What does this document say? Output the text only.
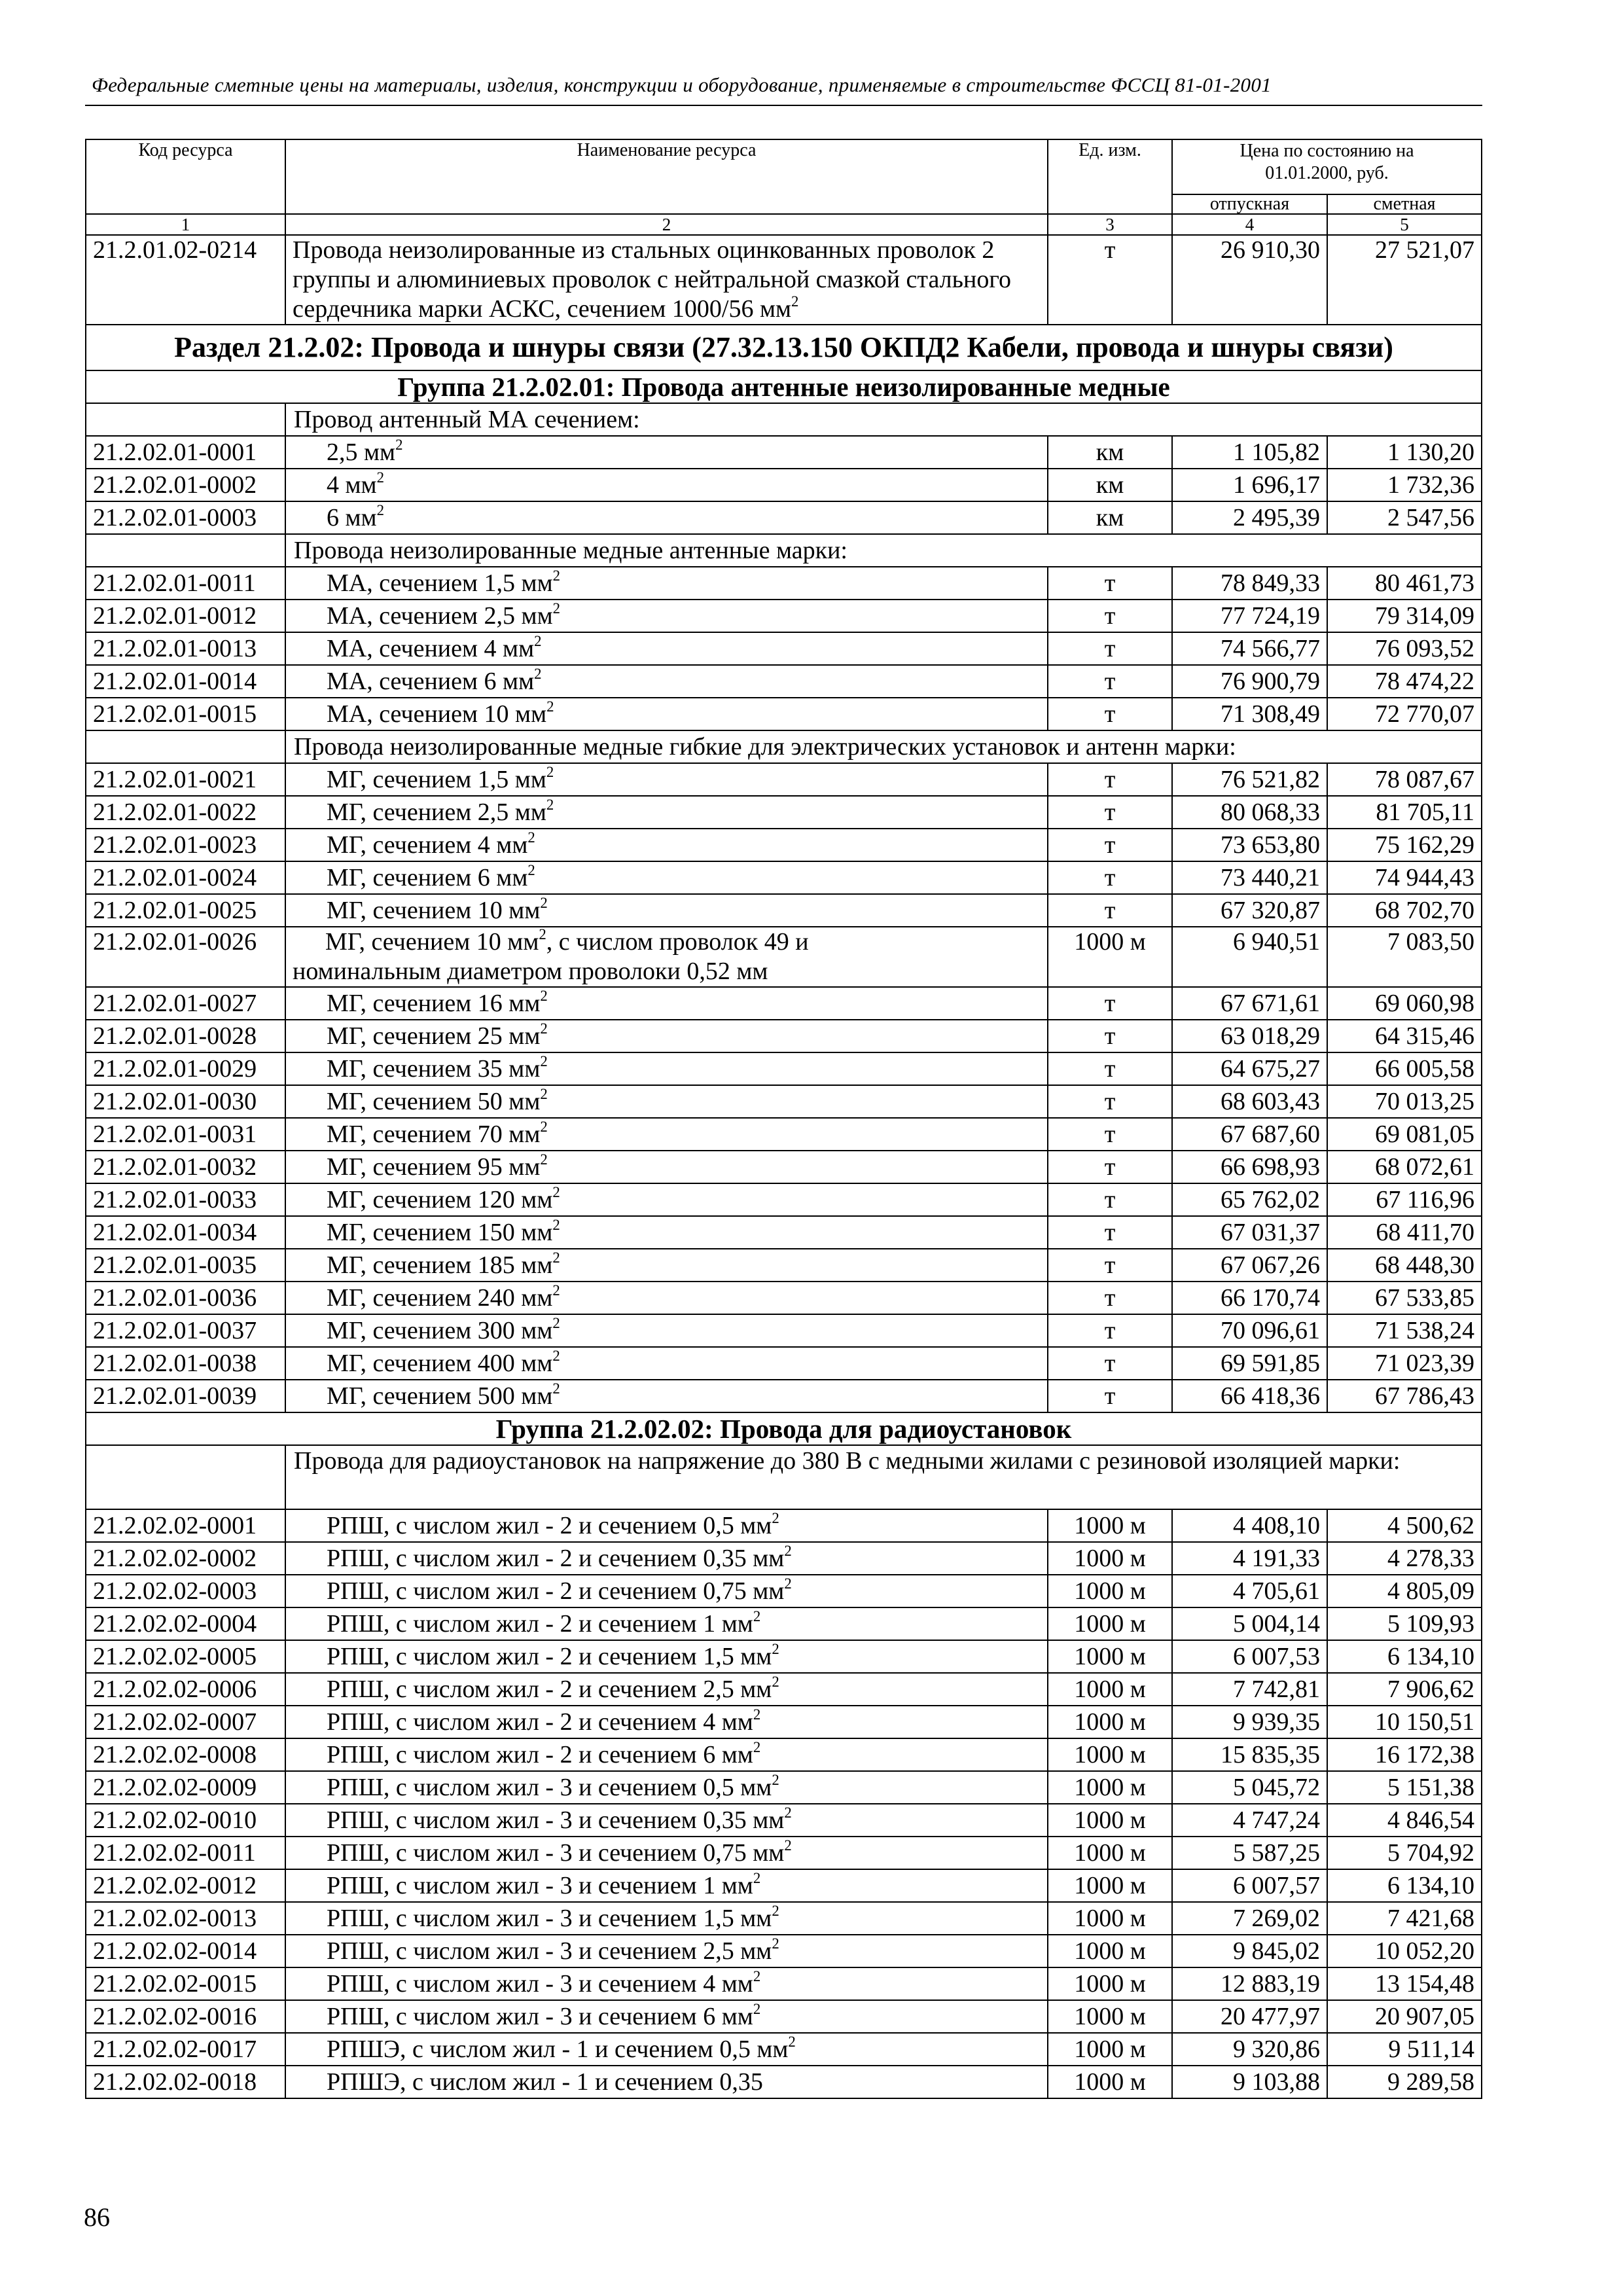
Федеральные сметные цены на материалы, изделия, конструкции и оборудование, применяемые в строительстве ФССЦ 81-01-2001
Код ресурса	Наименование ресурса	Ед. изм.	Цена по состоянию на 01.01.2000, руб.	
			отпускная	сметная
1	2	3	4	5
21.2.01.02-0214	Провода неизолированные из стальных оцинкованных проволок 2 группы и алюминиевых проволок с нейтральной смазкой стального сердечника марки АСКС, сечением 1000/56 $мм^2$	т	26 910,30	27 521,07
Раздел 21.2.02: Провода и шнуры связи (27.32.13.150 ОКПД2 Кабели, провода и шнуры связи)				
Группа 21.2.02.01: Провода антенные неизолированные медные				
	Провод антенный МА сечением:			
21.2.02.01-0001	2,5 $мм^2$	км	1 105,82	1 130,20
21.2.02.01-0002	4 $мм^2$	км	1 696,17	1 732,36
21.2.02.01-0003	6 $мм^2$	км	2 495,39	2 547,56
	Провода неизолированные медные антенные марки:			
21.2.02.01-0011	МА, сечением 1,5 $мм^2$	т	78 849,33	80 461,73
21.2.02.01-0012	МА, сечением 2,5 $мм^2$	т	77 724,19	79 314,09
21.2.02.01-0013	МА, сечением 4 $мм^2$	т	74 566,77	76 093,52
21.2.02.01-0014	МА, сечением 6 $мм^2$	т	76 900,79	78 474,22
21.2.02.01-0015	МА, сечением 10 $мм^2$	т	71 308,49	72 770,07
	Провода неизолированные медные гибкие для электрических установок и антенн марки:			
21.2.02.01-0021	МГ, сечением 1,5 $мм^2$	т	76 521,82	78 087,67
21.2.02.01-0022	МГ, сечением 2,5 $мм^2$	т	80 068,33	81 705,11
21.2.02.01-0023	МГ, сечением 4 $мм^2$	т	73 653,80	75 162,29
21.2.02.01-0024	МГ, сечением 6 $мм^2$	т	73 440,21	74 944,43
21.2.02.01-0025	МГ, сечением 10 $мм^2$	т	67 320,87	68 702,70
21.2.02.01-0026	МГ, сечением 10 $мм^2$, с числом проволок 49 и
номинальным диаметром проволоки 0,52 мм	1000 м	6 940,51	7 083,50
21.2.02.01-0027	МГ, сечением 16 $мм^2$	т	67 671,61	69 060,98
21.2.02.01-0028	МГ, сечением 25 $мм^2$	т	63 018,29	64 315,46
21.2.02.01-0029	МГ, сечением 35 $мм^2$	т	64 675,27	66 005,58
21.2.02.01-0030	МГ, сечением 50 $мм^2$	т	68 603,43	70 013,25
21.2.02.01-0031	МГ, сечением 70 $мм^2$	т	67 687,60	69 081,05
21.2.02.01-0032	МГ, сечением 95 $мм^2$	т	66 698,93	68 072,61
21.2.02.01-0033	МГ, сечением 120 $мм^2$	т	65 762,02	67 116,96
21.2.02.01-0034	МГ, сечением 150 $мм^2$	т	67 031,37	68 411,70
21.2.02.01-0035	МГ, сечением 185 $мм^2$	т	67 067,26	68 448,30
21.2.02.01-0036	МГ, сечением 240 $мм^2$	т	66 170,74	67 533,85
21.2.02.01-0037	МГ, сечением 300 $мм^2$	т	70 096,61	71 538,24
21.2.02.01-0038	МГ, сечением 400 $мм^2$	т	69 591,85	71 023,39
21.2.02.01-0039	МГ, сечением 500 $мм^2$	т	66 418,36	67 786,43
Группа 21.2.02.02: Провода для радиоустановок				
	Провода для радиоустановок на напряжение до 380 В с медными жилами с резиновой изоляцией марки:			
21.2.02.02-0001	РПШ, с числом жил - 2 и сечением 0,5 $мм^2$	1000 м	4 408,10	4 500,62
21.2.02.02-0002	РПШ, с числом жил - 2 и сечением 0,35 $мм^2$	1000 м	4 191,33	4 278,33
21.2.02.02-0003	РПШ, с числом жил - 2 и сечением 0,75 $мм^2$	1000 м	4 705,61	4 805,09
21.2.02.02-0004	РПШ, с числом жил - 2 и сечением 1 $мм^2$	1000 м	5 004,14	5 109,93
21.2.02.02-0005	РПШ, с числом жил - 2 и сечением 1,5 $мм^2$	1000 м	6 007,53	6 134,10
21.2.02.02-0006	РПШ, с числом жил - 2 и сечением 2,5 $мм^2$	1000 м	7 742,81	7 906,62
21.2.02.02-0007	РПШ, с числом жил - 2 и сечением 4 $мм^2$	1000 м	9 939,35	10 150,51
21.2.02.02-0008	РПШ, с числом жил - 2 и сечением 6 $мм^2$	1000 м	15 835,35	16 172,38
21.2.02.02-0009	РПШ, с числом жил - 3 и сечением 0,5 $мм^2$	1000 м	5 045,72	5 151,38
21.2.02.02-0010	РПШ, с числом жил - 3 и сечением 0,35 $мм^2$	1000 м	4 747,24	4 846,54
21.2.02.02-0011	РПШ, с числом жил - 3 и сечением 0,75 $мм^2$	1000 м	5 587,25	5 704,92
21.2.02.02-0012	РПШ, с числом жил - 3 и сечением 1 $мм^2$	1000 м	6 007,57	6 134,10
21.2.02.02-0013	РПШ, с числом жил - 3 и сечением 1,5 $мм^2$	1000 м	7 269,02	7 421,68
21.2.02.02-0014	РПШ, с числом жил - 3 и сечением 2,5 $мм^2$	1000 м	9 845,02	10 052,20
21.2.02.02-0015	РПШ, с числом жил - 3 и сечением 4 $мм^2$	1000 м	12 883,19	13 154,48
21.2.02.02-0016	РПШ, с числом жил - 3 и сечением 6 $мм^2$	1000 м	20 477,97	20 907,05
21.2.02.02-0017	РПШЭ, с числом жил - 1 и сечением 0,5 $мм^2$	1000 м	9 320,86	9 511,14
21.2.02.02-0018	РПШЭ, с числом жил - 1 и сечением 0,35	1000 м	9 103,88	9 289,58
86
